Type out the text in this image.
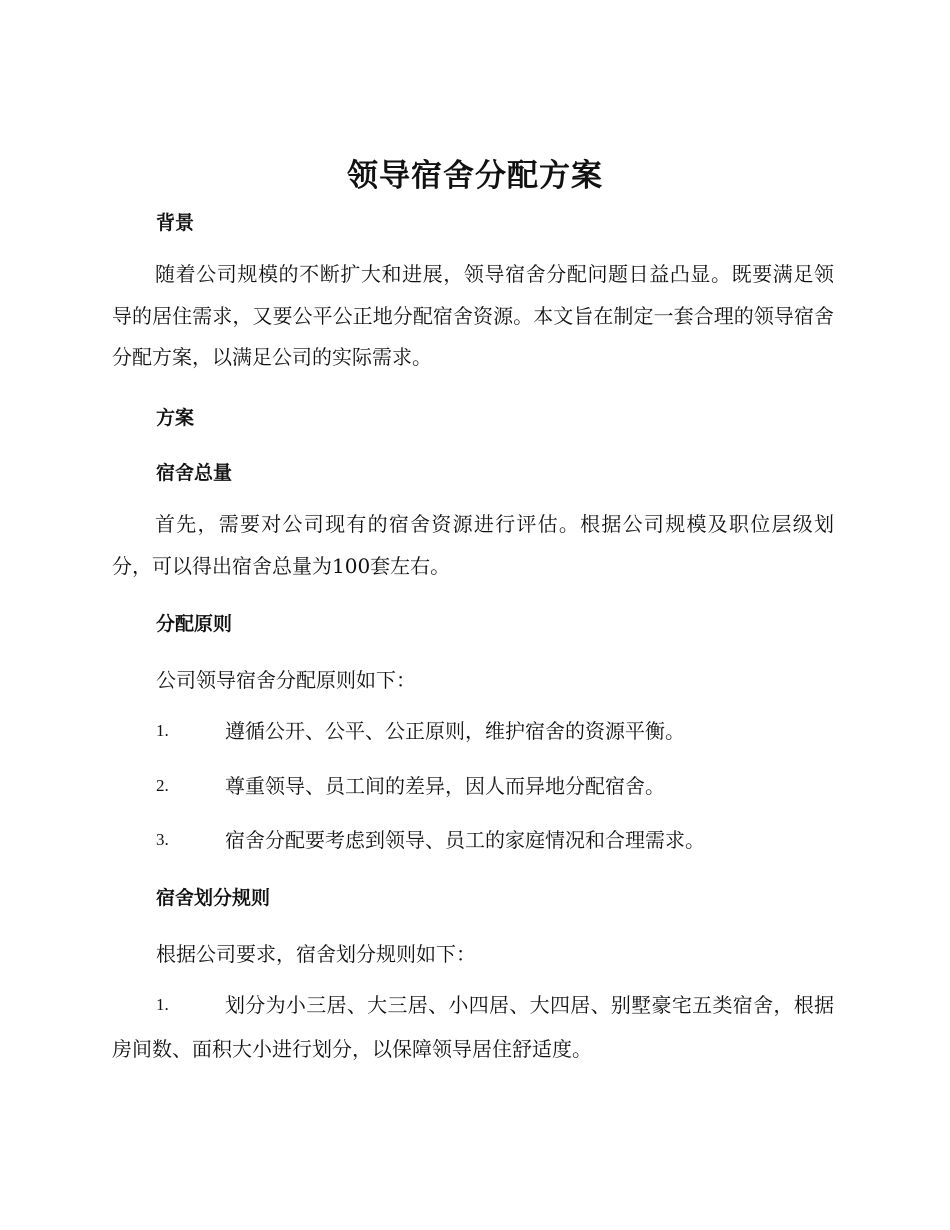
领导宿舍分配方案
背景
随着公司规模的不断扩大和进展，领导宿舍分配问题日益凸显。既要满足领导的居住需求，又要公平公正地分配宿舍资源。本文旨在制定一套合理的领导宿舍分配方案，以满足公司的实际需求。
方案
宿舍总量
首先，需要对公司现有的宿舍资源进行评估。根据公司规模及职位层级划分，可以得出宿舍总量为100套左右。
分配原则
公司领导宿舍分配原则如下：
1.	遵循公开、公平、公正原则，维护宿舍的资源平衡。
2.	尊重领导、员工间的差异，因人而异地分配宿舍。
3.	宿舍分配要考虑到领导、员工的家庭情况和合理需求。
宿舍划分规则
根据公司要求，宿舍划分规则如下：
1.	划分为小三居、大三居、小四居、大四居、别墅豪宅五类宿舍，根据房间数、面积大小进行划分，以保障领导居住舒适度。
